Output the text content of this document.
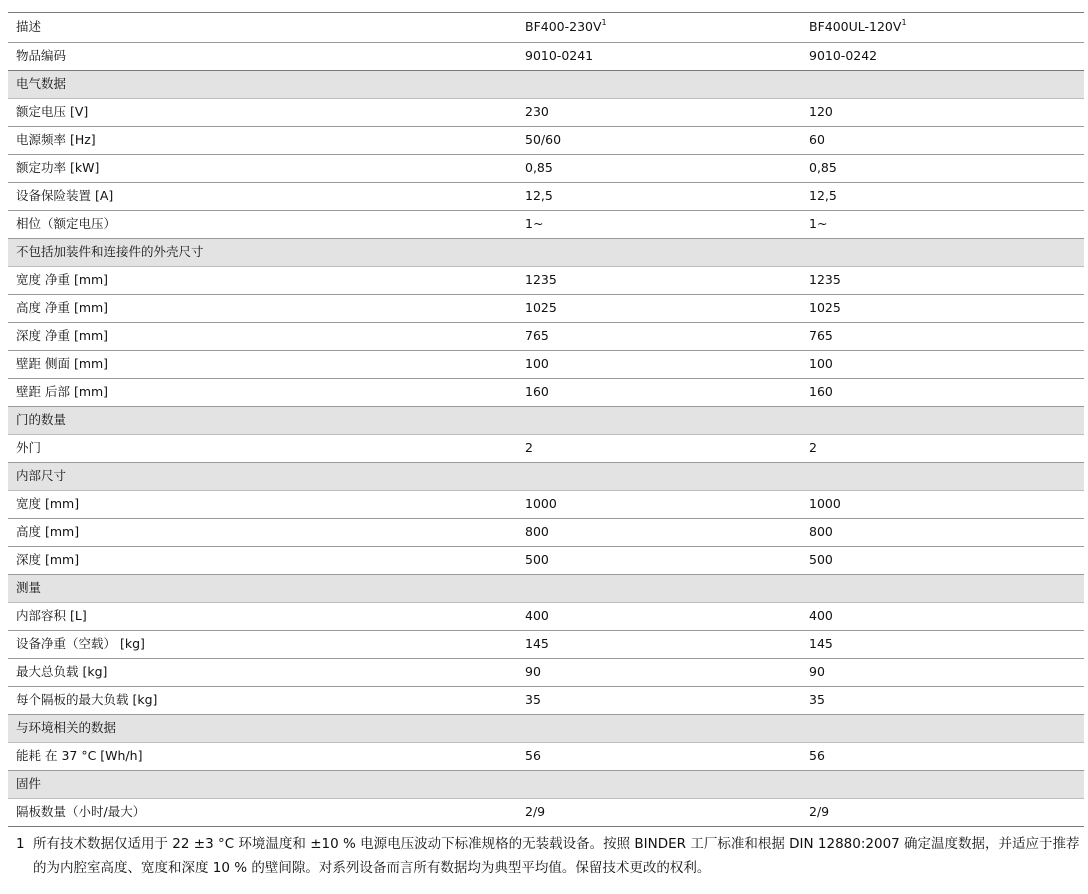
描述	$BF400-230V^1$	$BF400UL-120V^1$
物品编码	9010-0241	9010-0242
电气数据		
额定电压 [V]	230	120
电源频率 [Hz]	50/60	60
额定功率 [kW]	0,85	0,85
设备保险装置 [A]	12,5	12,5
相位（额定电压）	1~	1~
不包括加装件和连接件的外壳尺寸		
宽度 净重 [mm]	1235	1235
高度 净重 [mm]	1025	1025
深度 净重 [mm]	765	765
壁距 侧面 [mm]	100	100
壁距 后部 [mm]	160	160
门的数量		
外门	2	2
内部尺寸		
宽度 [mm]	1000	1000
高度 [mm]	800	800
深度 [mm]	500	500
测量		
内部容积 [L]	400	400
设备净重（空载） [kg]	145	145
最大总负载 [kg]	90	90
每个隔板的最大负载 [kg]	35	35
与环境相关的数据		
能耗 在 37 °C [Wh/h]	56	56
固件		
隔板数量（小时/最大）	2/9	2/9
1 所有技术数据仅适用于 22 ±3 °C 环境温度和 ±10 % 电源电压波动下标准规格的无装载设备。按照 BINDER 工厂标准和根据 DIN 12880:2007 确定温度数据，并适应于推荐的为内腔室高度、宽度和深度 10 % 的壁间隙。对系列设备而言所有数据均为典型平均值。保留技术更改的权利。
